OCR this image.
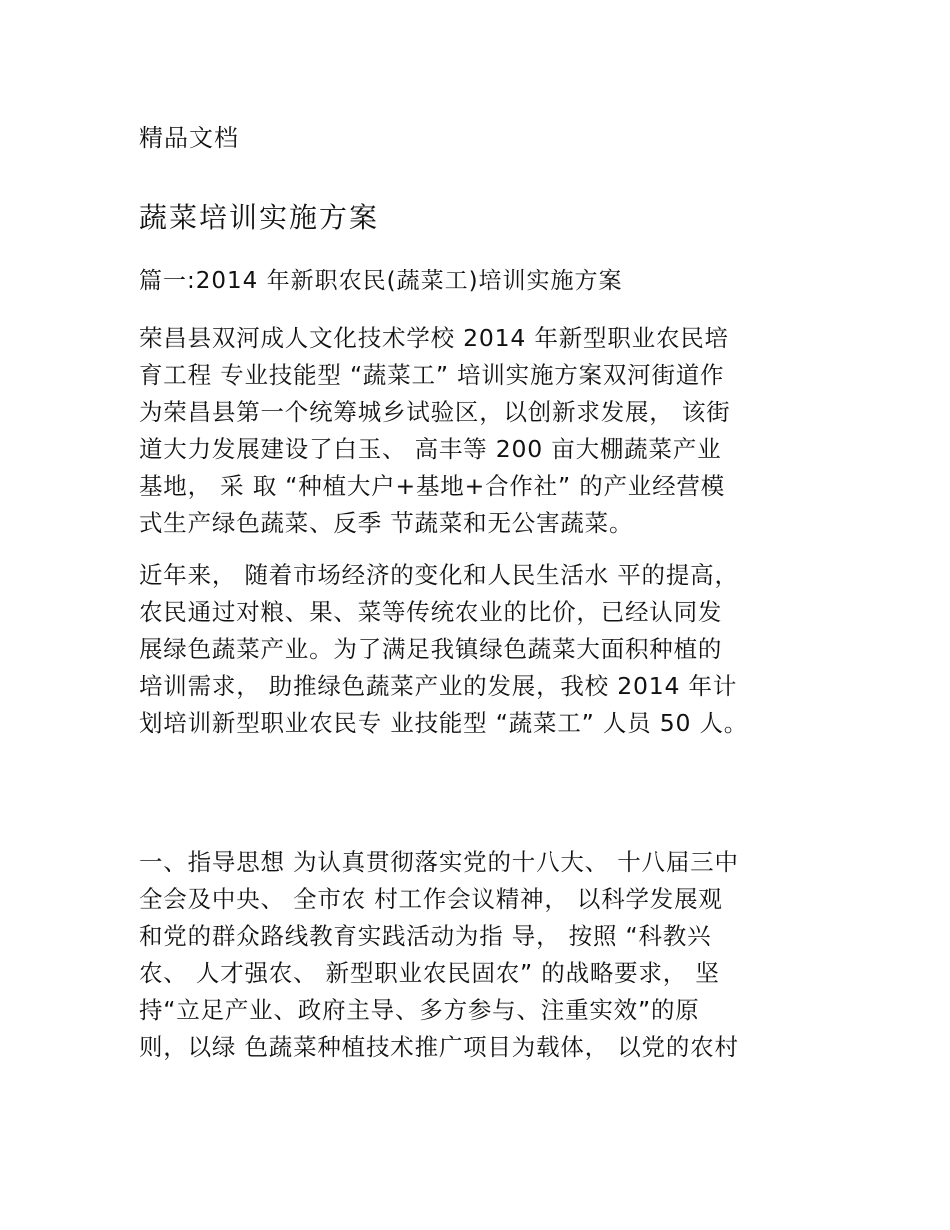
精品文档
蔬菜培训实施方案
篇一:2014 年新职农民(蔬菜工)培训实施方案
荣昌县双河成人文化技术学校 2014 年新型职业农民培
育工程 专业技能型 “蔬菜工” 培训实施方案双河街道作
为荣昌县第一个统筹城乡试验区，以创新求发展， 该街
道大力发展建设了白玉、 高丰等 200 亩大棚蔬菜产业
基地， 采 取 “种植大户+基地+合作社” 的产业经营模
式生产绿色蔬菜、反季 节蔬菜和无公害蔬菜。
近年来， 随着市场经济的变化和人民生活水 平的提高，
农民通过对粮、果、菜等传统农业的比价，已经认同发
展绿色蔬菜产业。为了满足我镇绿色蔬菜大面积种植的
培训需求， 助推绿色蔬菜产业的发展，我校 2014 年计
划培训新型职业农民专 业技能型 “蔬菜工” 人员 50 人。
一、指导思想 为认真贯彻落实党的十八大、 十八届三中
全会及中央、 全市农 村工作会议精神， 以科学发展观
和党的群众路线教育实践活动为指 导， 按照 “科教兴
农、 人才强农、 新型职业农民固农” 的战略要求， 坚
持“立足产业、政府主导、多方参与、注重实效”的原
则，以绿 色蔬菜种植技术推广项目为载体， 以党的农村
